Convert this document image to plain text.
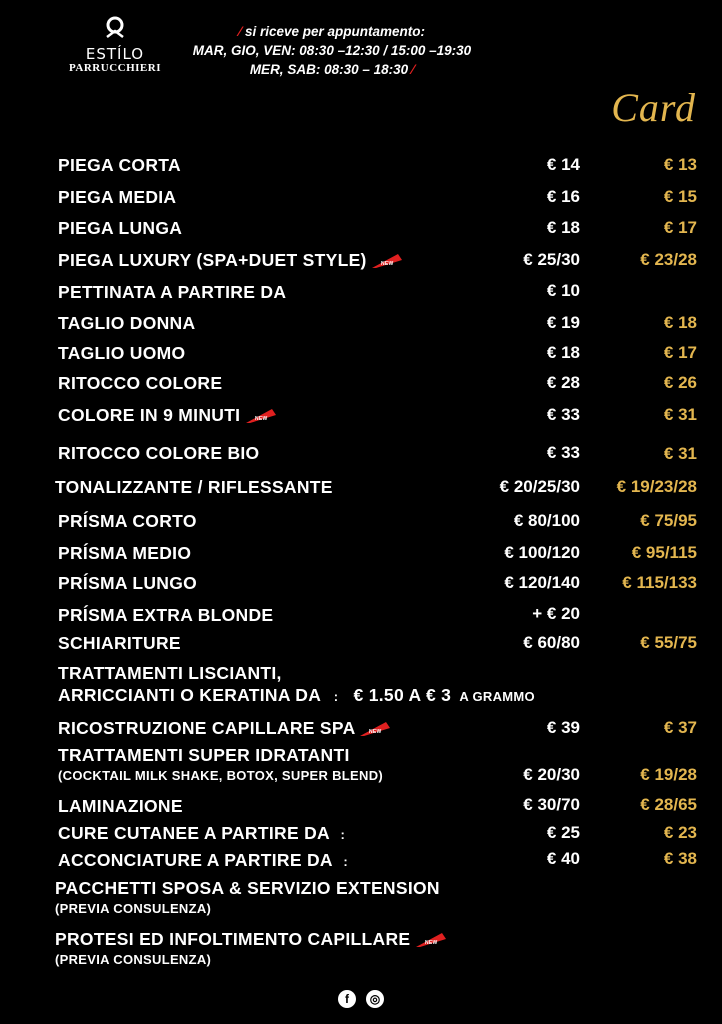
ESTÍLO
PARRUCCHIERI
⁄ si riceve per appuntamento:
MAR, GIO, VEN: 08:30 –12:30 / 15:00 –19:30
MER, SAB: 08:30 – 18:30 ⁄
Card
PIEGA CORTA	€ 14	€ 13
PIEGA MEDIA	€ 16	€ 15
PIEGA LUNGA	€ 18	€ 17
PIEGA LUXURY (SPA+DUET STYLE)	NEW	€ 25/30	€ 23/28
PETTINATA A PARTIRE DA	€ 10
TAGLIO DONNA	€ 19	€ 18
TAGLIO UOMO	€ 18	€ 17
RITOCCO COLORE	€ 28	€ 26
COLORE IN 9 MINUTI	NEW	€ 33	€ 31
RITOCCO COLORE BIO	€ 33	€ 31
TONALIZZANTE / RIFLESSANTE	€ 20/25/30 € 19/23/28
PRÍSMA CORTO	€ 80/100	€ 75/95
PRÍSMA MEDIO	€ 100/120	€ 95/115
PRÍSMA LUNGO	€ 120/140 € 115/133
PRÍSMA EXTRA BLONDE	+ € 20
SCHIARITURE	€ 60/80	€ 55/75
TRATTAMENTI LISCIANTI,
ARRICCIANTI O KERATINA DA : € 1.50 A € 3 A GRAMMO
RICOSTRUZIONE CAPILLARE SPA	NEW	€ 39	€ 37
TRATTAMENTI SUPER IDRATANTI
(COCKTAIL MILK SHAKE, BOTOX, SUPER BLEND)	€ 20/30	€ 19/28
LAMINAZIONE	€ 30/70	€ 28/65
CURE CUTANEE A PARTIRE DA :	€ 25	€ 23
ACCONCIATURE A PARTIRE DA :	€ 40	€ 38
PACCHETTI SPOSA & SERVIZIO EXTENSION
(PREVIA CONSULENZA)
PROTESI ED INFOLTIMENTO CAPILLARE	NEW
(PREVIA CONSULENZA)
f	◎
